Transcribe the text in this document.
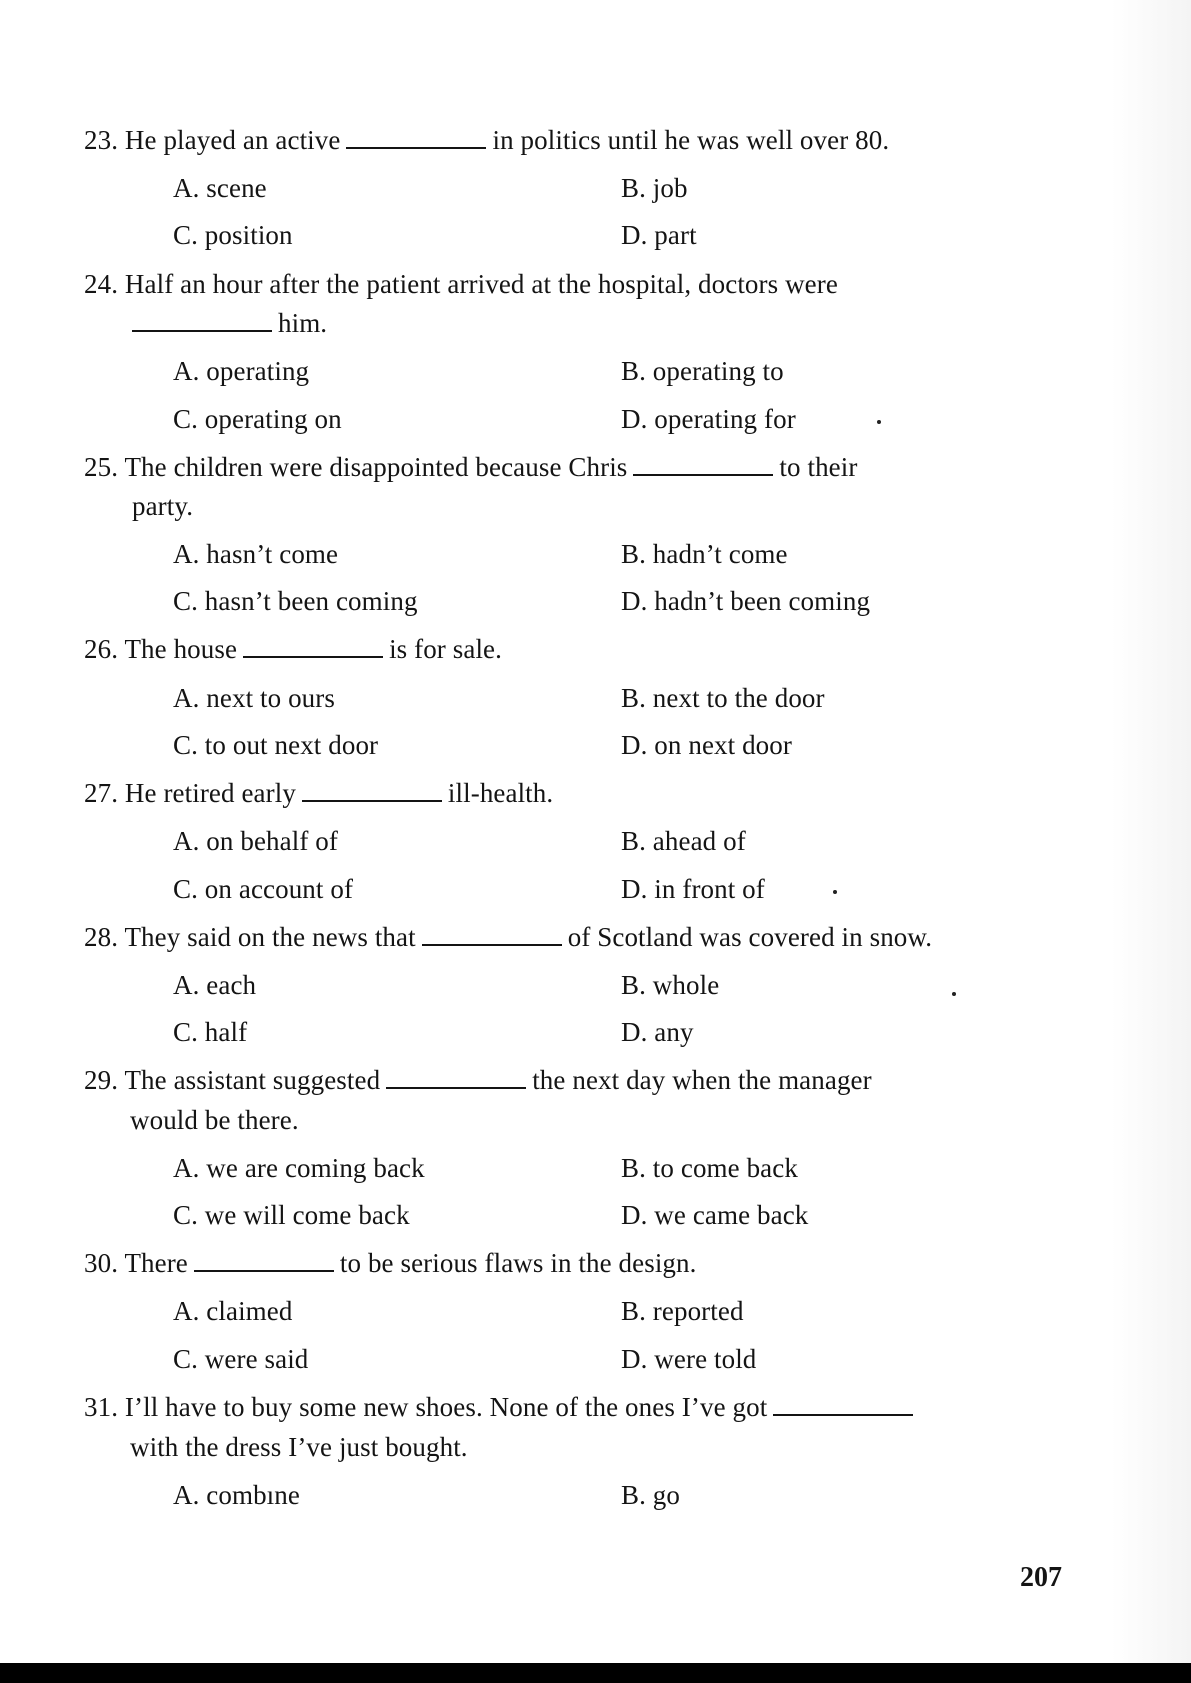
23. He played an active	in politics until he was well over 80.
A. scene	B. job
C. position	D. part
24. Half an hour after the patient arrived at the hospital, doctors were
him.
A. operating	B. operating to
C. operating on	D. operating for
25. The children were disappointed because Chris	to their
party.
A. hasn’t come	B. hadn’t come
C. hasn’t been coming	D. hadn’t been coming
26. The house	is for sale.
A. next to ours	B. next to the door
C. to out next door	D. on next door
27. He retired early	ill-health.
A. on behalf of	B. ahead of
C. on account of	D. in front of
28. They said on the news that	of Scotland was covered in snow.
A. each	B. whole
C. half	D. any
29. The assistant suggested	the next day when the manager
would be there.
A. we are coming back	B. to come back
C. we will come back	D. we came back
30. There	to be serious flaws in the design.
A. claimed	B. reported
C. were said	D. were told
31. I’ll have to buy some new shoes. None of the ones I’ve got
with the dress I’ve just bought.
A. combıne	B. go
207
